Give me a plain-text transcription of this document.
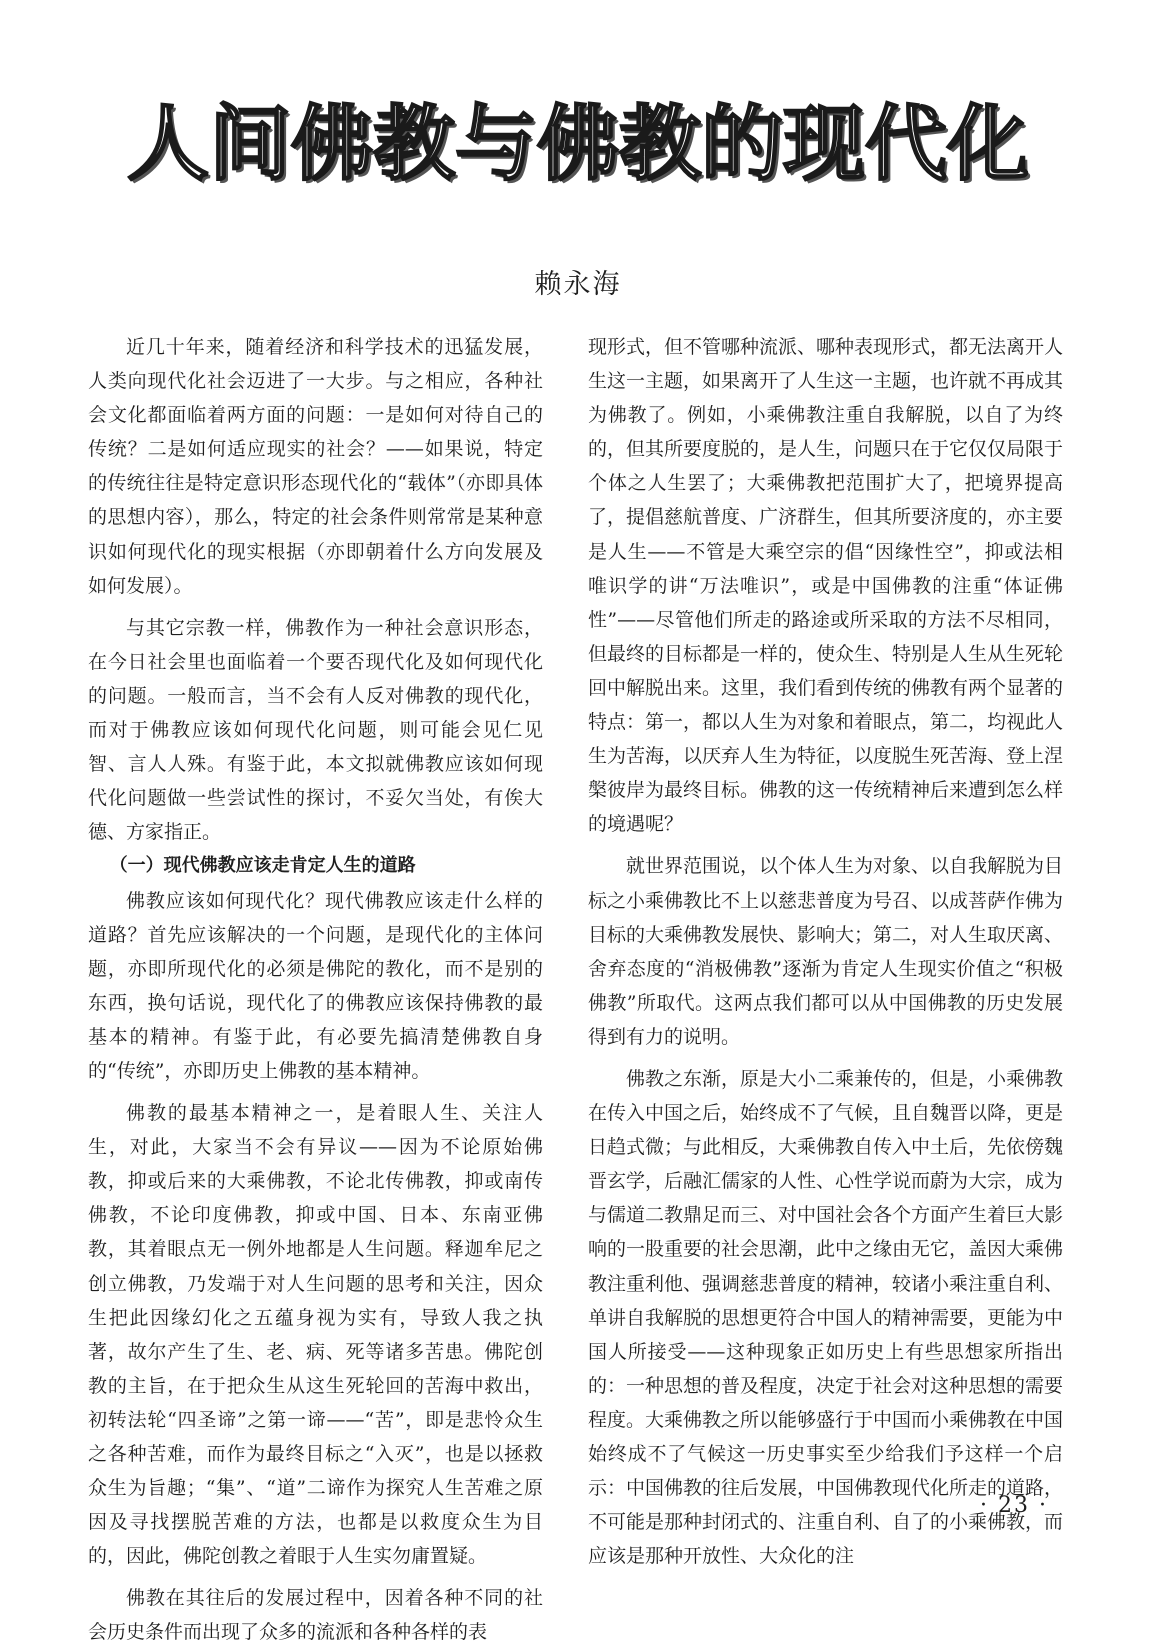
人间佛教与佛教的现代化
赖永海

近几十年来，随着经济和科学技术的迅猛发展，人类向现代化社会迈进了一大步。与之相应，各种社会文化都面临着两方面的问题：一是如何对待自己的传统？二是如何适应现实的社会？——如果说，特定的传统往往是特定意识形态现代化的“载体”（亦即具体的思想内容），那么，特定的社会条件则常常是某种意识如何现代化的现实根据（亦即朝着什么方向发展及如何发展）。

与其它宗教一样，佛教作为一种社会意识形态，在今日社会里也面临着一个要否现代化及如何现代化的问题。一般而言，当不会有人反对佛教的现代化，而对于佛教应该如何现代化问题，则可能会见仁见智、言人人殊。有鉴于此，本文拟就佛教应该如何现代化问题做一些尝试性的探讨，不妥欠当处，有俟大德、方家指正。

（一）现代佛教应该走肯定人生的道路

佛教应该如何现代化？现代佛教应该走什么样的道路？首先应该解决的一个问题，是现代化的主体问题，亦即所现代化的必须是佛陀的教化，而不是别的东西，换句话说，现代化了的佛教应该保持佛教的最基本的精神。有鉴于此，有必要先搞清楚佛教自身的“传统”，亦即历史上佛教的基本精神。

佛教的最基本精神之一，是着眼人生、关注人生，对此，大家当不会有异议——因为不论原始佛教，抑或后来的大乘佛教，不论北传佛教，抑或南传佛教，不论印度佛教，抑或中国、日本、东南亚佛教，其着眼点无一例外地都是人生问题。释迦牟尼之创立佛教，乃发端于对人生问题的思考和关注，因众生把此因缘幻化之五蕴身视为实有，导致人我之执著，故尔产生了生、老、病、死等诸多苦患。佛陀创教的主旨，在于把众生从这生死轮回的苦海中救出，初转法轮“四圣谛”之第一谛——“苦”，即是悲怜众生之各种苦难，而作为最终目标之“入灭”，也是以拯救众生为旨趣；“集”、“道”二谛作为探究人生苦难之原因及寻找摆脱苦难的方法，也都是以救度众生为目的，因此，佛陀创教之着眼于人生实勿庸置疑。

佛教在其往后的发展过程中，因着各种不同的社会历史条件而出现了众多的流派和各种各样的表

现形式，但不管哪种流派、哪种表现形式，都无法离开人生这一主题，如果离开了人生这一主题，也许就不再成其为佛教了。例如，小乘佛教注重自我解脱，以自了为终的，但其所要度脱的，是人生，问题只在于它仅仅局限于个体之人生罢了；大乘佛教把范围扩大了，把境界提高了，提倡慈航普度、广济群生，但其所要济度的，亦主要是人生——不管是大乘空宗的倡“因缘性空”，抑或法相唯识学的讲“万法唯识”，或是中国佛教的注重“体证佛性”——尽管他们所走的路途或所采取的方法不尽相同，但最终的目标都是一样的，使众生、特别是人生从生死轮回中解脱出来。这里，我们看到传统的佛教有两个显著的特点：第一，都以人生为对象和着眼点，第二，均视此人生为苦海，以厌弃人生为特征，以度脱生死苦海、登上涅槃彼岸为最终目标。佛教的这一传统精神后来遭到怎么样的境遇呢？

就世界范围说，以个体人生为对象、以自我解脱为目标之小乘佛教比不上以慈悲普度为号召、以成菩萨作佛为目标的大乘佛教发展快、影响大；第二，对人生取厌离、舍弃态度的“消极佛教”逐渐为肯定人生现实价值之“积极佛教”所取代。这两点我们都可以从中国佛教的历史发展得到有力的说明。

佛教之东渐，原是大小二乘兼传的，但是，小乘佛教在传入中国之后，始终成不了气候，且自魏晋以降，更是日趋式微；与此相反，大乘佛教自传入中土后，先依傍魏晋玄学，后融汇儒家的人性、心性学说而蔚为大宗，成为与儒道二教鼎足而三、对中国社会各个方面产生着巨大影响的一股重要的社会思潮，此中之缘由无它，盖因大乘佛教注重利他、强调慈悲普度的精神，较诸小乘注重自利、单讲自我解脱的思想更符合中国人的精神需要，更能为中国人所接受——这种现象正如历史上有些思想家所指出的：一种思想的普及程度，决定于社会对这种思想的需要程度。大乘佛教之所以能够盛行于中国而小乘佛教在中国始终成不了气候这一历史事实至少给我们予这样一个启示：中国佛教的往后发展，中国佛教现代化所走的道路，不可能是那种封闭式的、注重自利、自了的小乘佛教，而应该是那种开放性、大众化的注

· 23 ·
